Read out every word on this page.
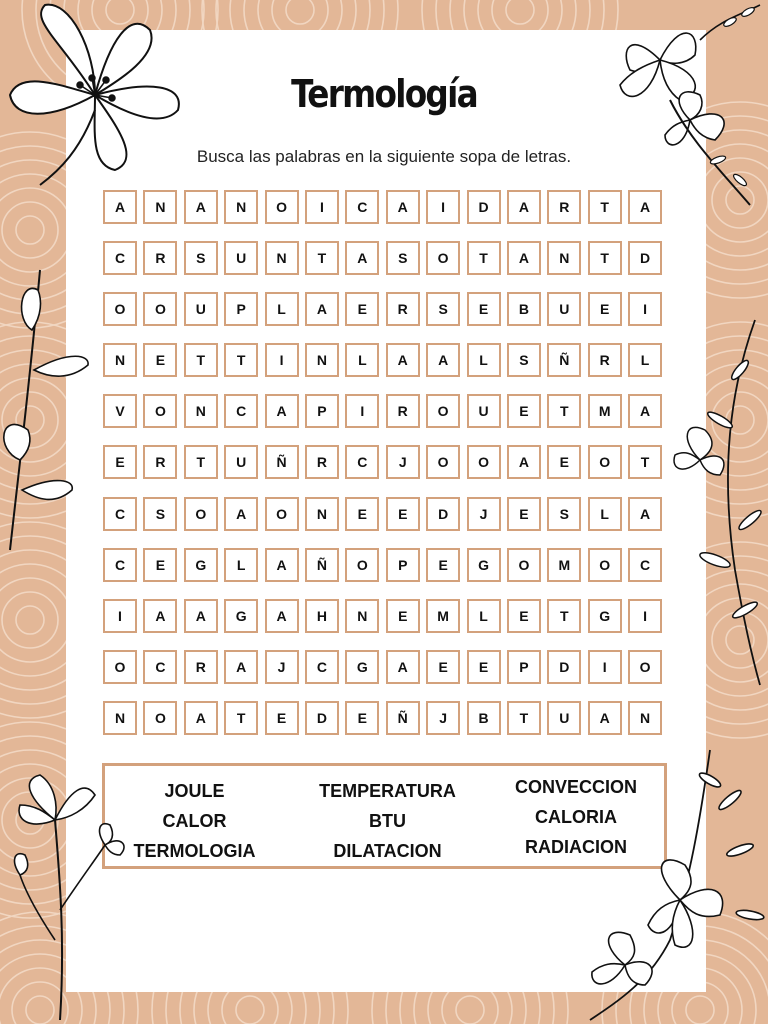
Termología
Busca las palabras en la siguiente sopa de letras.
A	N	A	N	O	I	C	A	I	D	A	R	T	A
C	R	S	U	N	T	A	S	O	T	A	N	T	D
O	O	U	P	L	A	E	R	S	E	B	U	E	I
N	E	T	T	I	N	L	A	A	L	S	Ñ	R	L
V	O	N	C	A	P	I	R	O	U	E	T	M	A
E	R	T	U	Ñ	R	C	J	O	O	A	E	O	T
C	S	O	A	O	N	E	E	D	J	E	S	L	A
C	E	G	L	A	Ñ	O	P	E	G	O	M	O	C
I	A	A	G	A	H	N	E	M	L	E	T	G	I
O	C	R	A	J	C	G	A	E	E	P	D	I	O
N	O	A	T	E	D	E	Ñ	J	B	T	U	A	N
JOULE
CALOR
TERMOLOGIA
TEMPERATURA
BTU
DILATACION
CONVECCION
CALORIA
RADIACION
